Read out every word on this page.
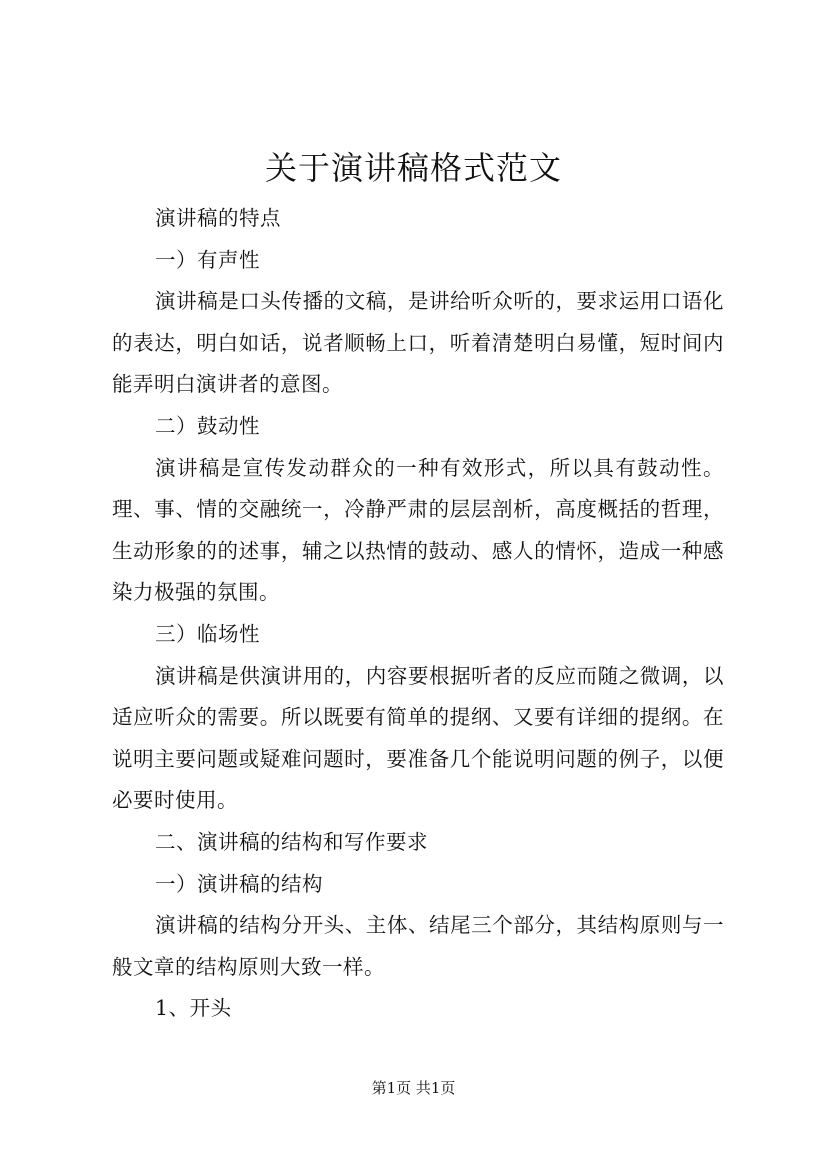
关于演讲稿格式范文

演讲稿的特点

一）有声性

演讲稿是口头传播的文稿，是讲给听众听的，要求运用口语化的表达，明白如话，说者顺畅上口，听着清楚明白易懂，短时间内能弄明白演讲者的意图。

二）鼓动性

演讲稿是宣传发动群众的一种有效形式，所以具有鼓动性。理、事、情的交融统一，冷静严肃的层层剖析，高度概括的哲理，生动形象的的述事，辅之以热情的鼓动、感人的情怀，造成一种感染力极强的氛围。

三）临场性

演讲稿是供演讲用的，内容要根据听者的反应而随之微调，以适应听众的需要。所以既要有简单的提纲、又要有详细的提纲。在说明主要问题或疑难问题时，要准备几个能说明问题的例子，以便必要时使用。

二、演讲稿的结构和写作要求

一）演讲稿的结构

演讲稿的结构分开头、主体、结尾三个部分，其结构原则与一般文章的结构原则大致一样。

1、开头

第1页 共1页
